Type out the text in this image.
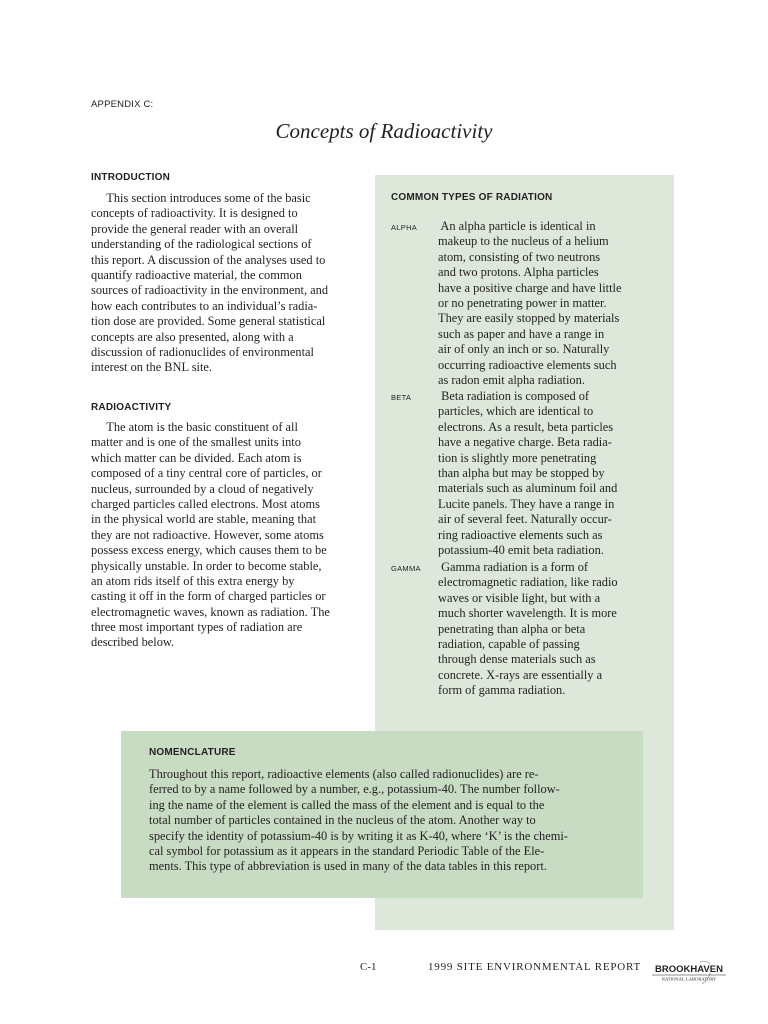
APPENDIX C:
Concepts of Radioactivity
INTRODUCTION
This section introduces some of the basic
concepts of radioactivity. It is designed to
provide the general reader with an overall
understanding of the radiological sections of
this report. A discussion of the analyses used to
quantify radioactive material, the common
sources of radioactivity in the environment, and
how each contributes to an individual’s radia-
tion dose are provided. Some general statistical
concepts are also presented, along with a
discussion of radionuclides of environmental
interest on the BNL site.
RADIOACTIVITY
The atom is the basic constituent of all
matter and is one of the smallest units into
which matter can be divided. Each atom is
composed of a tiny central core of particles, or
nucleus, surrounded by a cloud of negatively
charged particles called electrons. Most atoms
in the physical world are stable, meaning that
they are not radioactive. However, some atoms
possess excess energy, which causes them to be
physically unstable. In order to become stable,
an atom rids itself of this extra energy by
casting it off in the form of charged particles or
electromagnetic waves, known as radiation. The
three most important types of radiation are
described below.
COMMON TYPES OF RADIATION
ALPHA An alpha particle is identical in
makeup to the nucleus of a helium
atom, consisting of two neutrons
and two protons. Alpha particles
have a positive charge and have little
or no penetrating power in matter.
They are easily stopped by materials
such as paper and have a range in
air of only an inch or so. Naturally
occurring radioactive elements such
as radon emit alpha radiation.
BETA Beta radiation is composed of
particles, which are identical to
electrons. As a result, beta particles
have a negative charge. Beta radia-
tion is slightly more penetrating
than alpha but may be stopped by
materials such as aluminum foil and
Lucite panels. They have a range in
air of several feet. Naturally occur-
ring radioactive elements such as
potassium-40 emit beta radiation.
GAMMA Gamma radiation is a form of
electromagnetic radiation, like radio
waves or visible light, but with a
much shorter wavelength. It is more
penetrating than alpha or beta
radiation, capable of passing
through dense materials such as
concrete. X-rays are essentially a
form of gamma radiation.
NOMENCLATURE
Throughout this report, radioactive elements (also called radionuclides) are re-
ferred to by a name followed by a number, e.g., potassium-40. The number follow-
ing the name of the element is called the mass of the element and is equal to the
total number of particles contained in the nucleus of the atom. Another way to
specify the identity of potassium-40 is by writing it as K-40, where ‘K’ is the chemi-
cal symbol for potassium as it appears in the standard Periodic Table of the Ele-
ments. This type of abbreviation is used in many of the data tables in this report.
C-1	1999 SITE ENVIRONMENTAL REPORT BROOKHAVEN
NATIONAL LABORATORY
